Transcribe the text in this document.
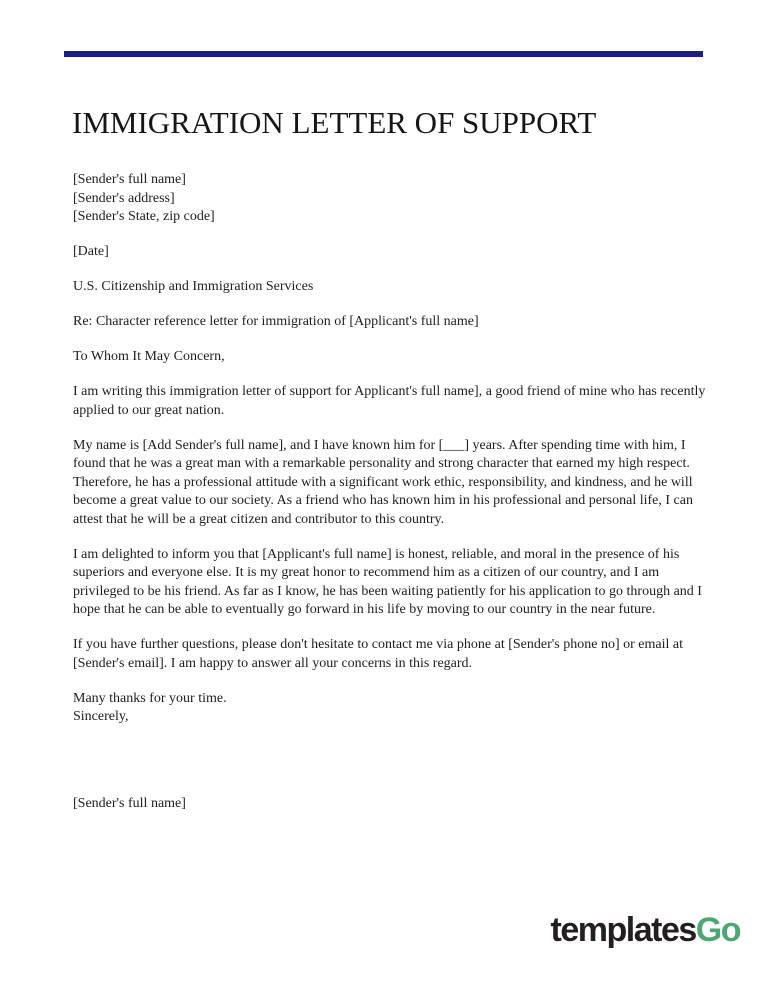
IMMIGRATION LETTER OF SUPPORT
[Sender's full name]
[Sender's address]
[Sender's State, zip code]
[Date]
U.S. Citizenship and Immigration Services
Re: Character reference letter for immigration of [Applicant's full name]
To Whom It May Concern,

I am writing this immigration letter of support for Applicant's full name], a good friend of mine who has recently applied to our great nation.

My name is [Add Sender's full name], and I have known him for [___] years. After spending time with him, I found that he was a great man with a remarkable personality and strong character that earned my high respect. Therefore, he has a professional attitude with a significant work ethic, responsibility, and kindness, and he will become a great value to our society. As a friend who has known him in his professional and personal life, I can attest that he will be a great citizen and contributor to this country.

I am delighted to inform you that [Applicant's full name] is honest, reliable, and moral in the presence of his superiors and everyone else. It is my great honor to recommend him as a citizen of our country, and I am privileged to be his friend. As far as I know, he has been waiting patiently for his application to go through and I hope that he can be able to eventually go forward in his life by moving to our country in the near future.

If you have further questions, please don't hesitate to contact me via phone at [Sender's phone no] or email at [Sender's email]. I am happy to answer all your concerns in this regard.

Many thanks for your time.
Sincerely,
[Sender's full name]
templatesGo
